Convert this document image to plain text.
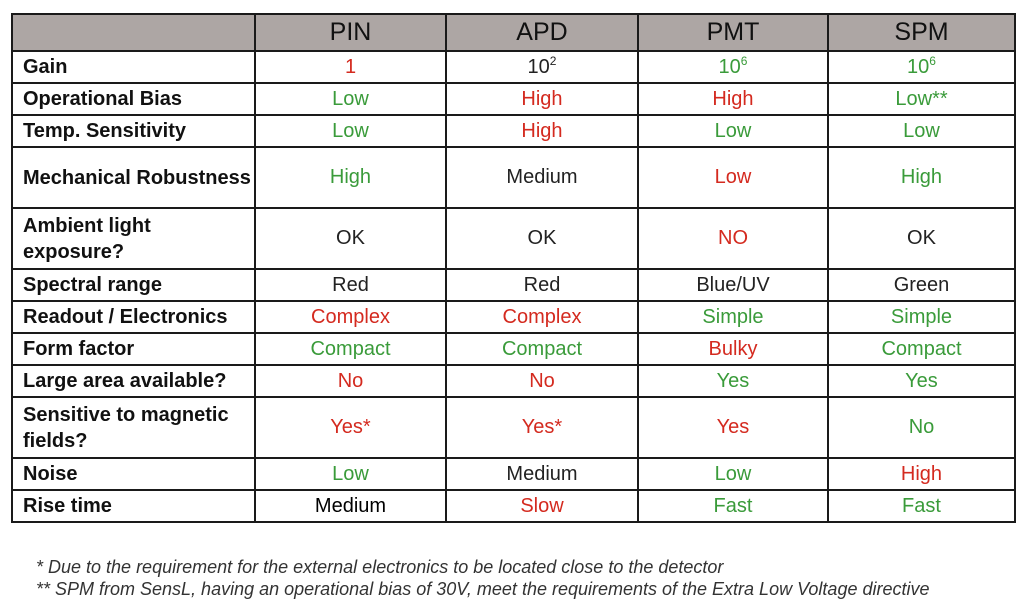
	PIN	APD	PMT	SPM
Gain	1	$10^2$	$10^6$	$10^6$
Operational Bias	Low	High	High	Low**
Temp. Sensitivity	Low	High	Low	Low
Mechanical Robustness	High	Medium	Low	High
Ambient light exposure?	OK	OK	NO	OK
Spectral range	Red	Red	Blue/UV	Green
Readout / Electronics	Complex	Complex	Simple	Simple
Form factor	Compact	Compact	Bulky	Compact
Large area available?	No	No	Yes	Yes
Sensitive to magnetic fields?	Yes*	Yes*	Yes	No
Noise	Low	Medium	Low	High
Rise time	Medium	Slow	Fast	Fast
* Due to the requirement for the external electronics to be located close to the detector
** SPM from SensL, having an operational bias of 30V, meet the requirements of the Extra Low Voltage directive
